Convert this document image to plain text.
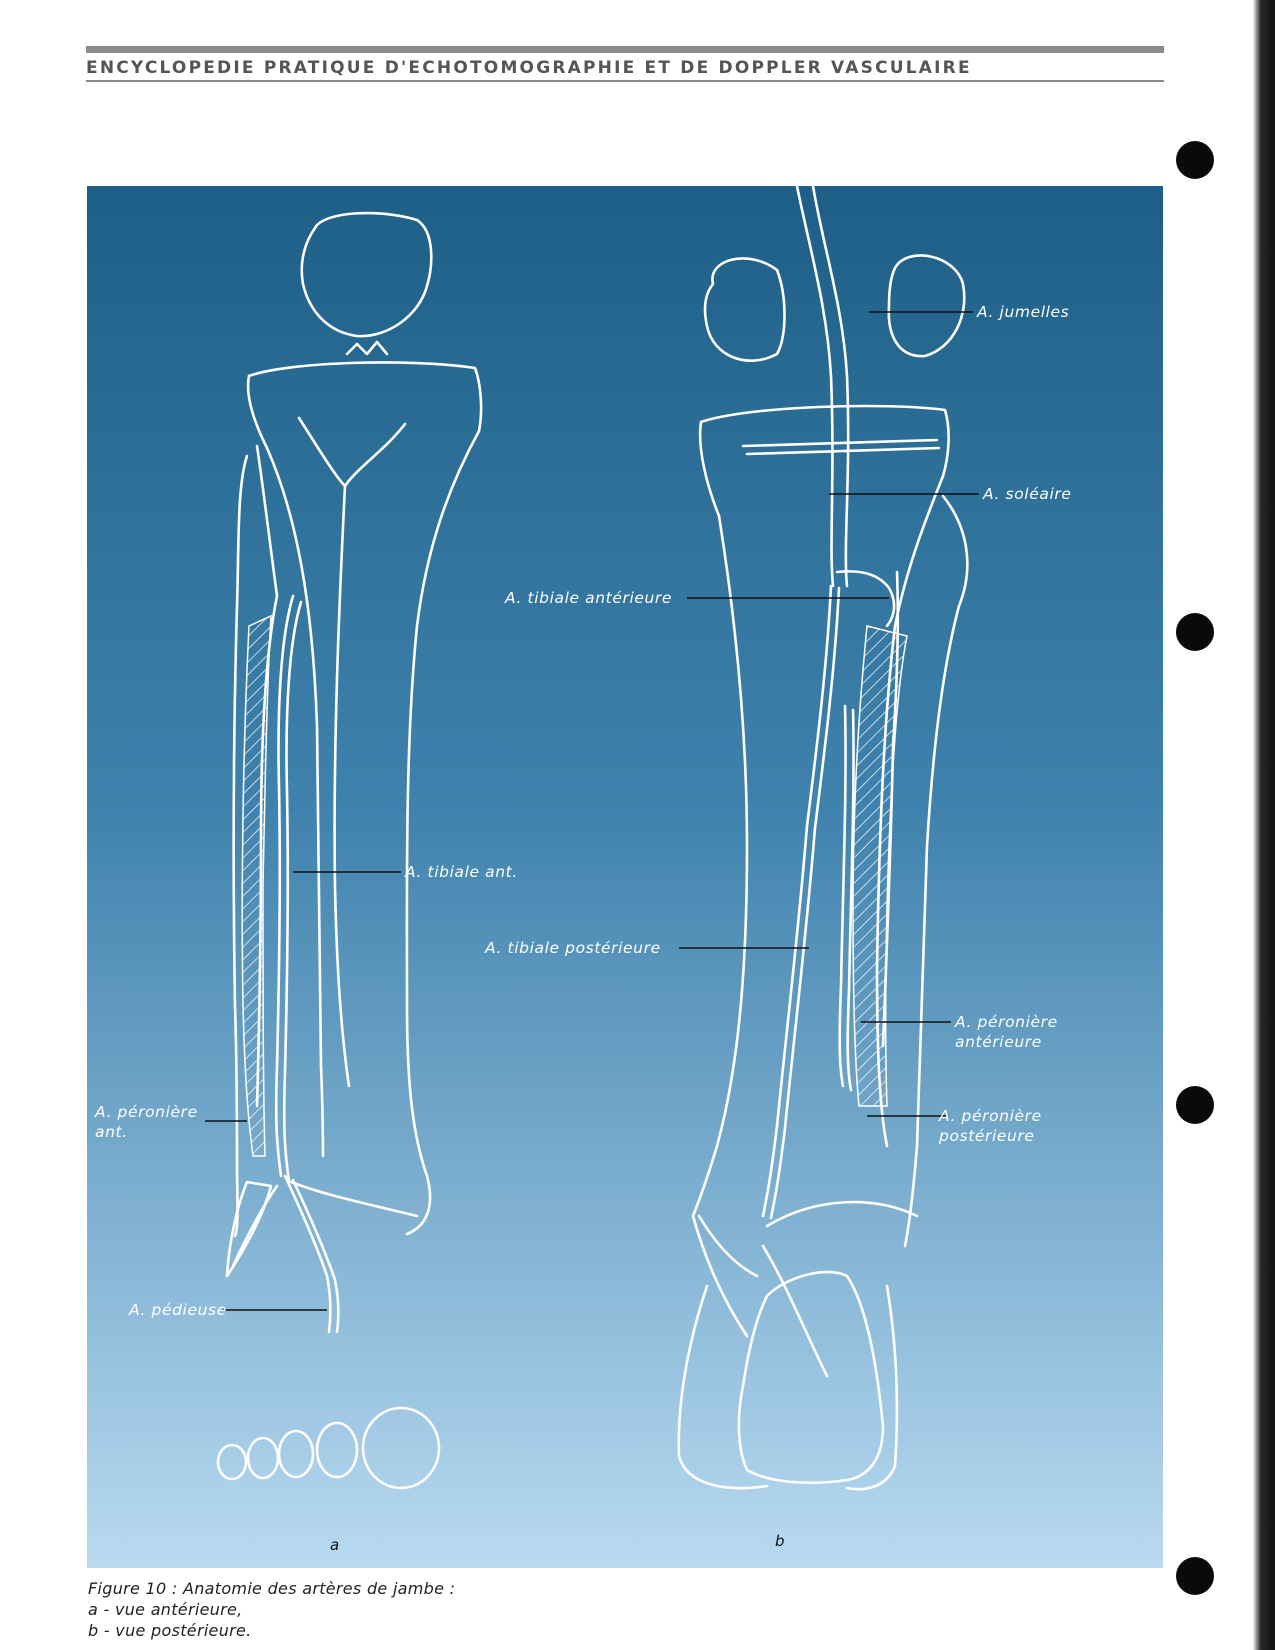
ENCYCLOPEDIE PRATIQUE D'ECHOTOMOGRAPHIE ET DE DOPPLER VASCULAIRE
A. tibiale ant.
A. péronière
ant.
A. pédieuse
A. jumelles
A. soléaire
A. tibiale antérieure
A. tibiale postérieure
A. péronière
antérieure
A. péronière
postérieure
a	b
Figure 10 : Anatomie des artères de jambe :
a - vue antérieure,
b - vue postérieure.
